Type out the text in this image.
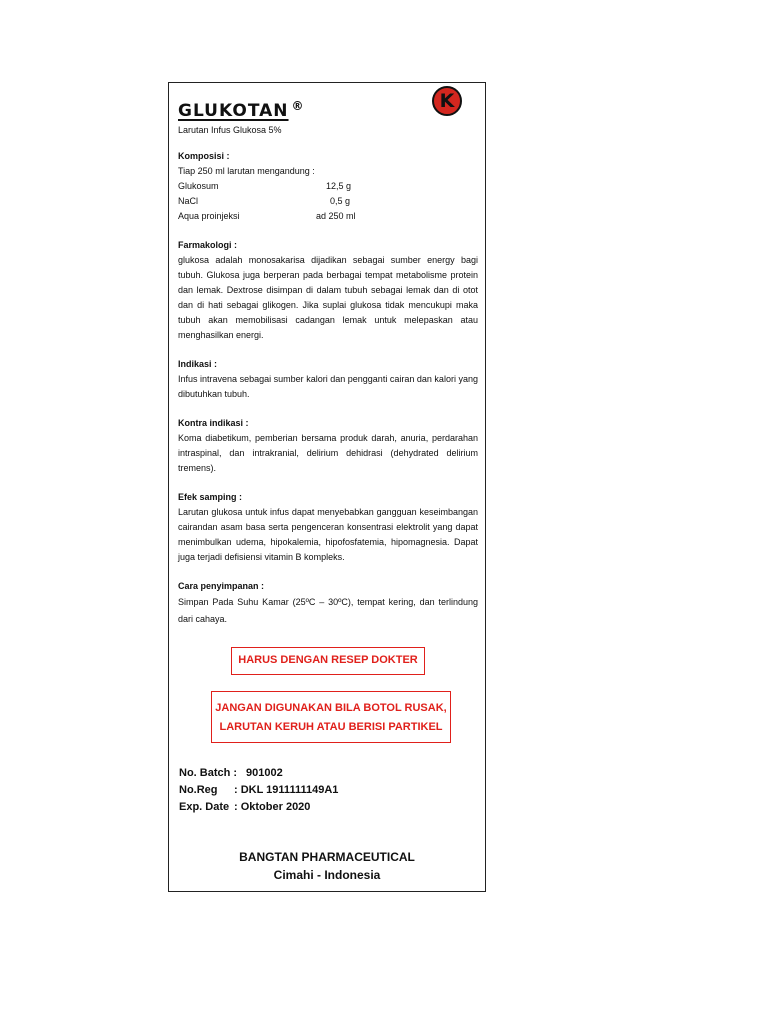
GLUKOTAN ®
Larutan Infus Glukosa 5%
Komposisi :
Tiap 250 ml larutan mengandung :
Glukosum	12,5 g
NaCl	0,5 g
Aqua proinjeksi	ad 250 ml
Farmakologi :
glukosa adalah monosakarisa dijadikan sebagai sumber energy bagi tubuh. Glukosa juga berperan pada berbagai tempat metabolisme protein dan lemak. Dextrose disimpan di dalam tubuh sebagai lemak dan di otot dan di hati sebagai glikogen. Jika suplai glukosa tidak mencukupi maka tubuh akan memobilisasi cadangan lemak untuk melepaskan atau menghasilkan energi.
Indikasi :
Infus intravena sebagai sumber kalori dan pengganti cairan dan kalori yang dibutuhkan tubuh.
Kontra indikasi :
Koma diabetikum, pemberian bersama produk darah, anuria, perdarahan intraspinal, dan intrakranial, delirium dehidrasi (dehydrated delirium tremens).
Efek samping :
Larutan glukosa untuk infus dapat menyebabkan gangguan keseimbangan cairandan asam basa serta pengenceran konsentrasi elektrolit yang dapat menimbulkan udema, hipokalemia, hipofosfatemia, hipomagnesia. Dapat juga terjadi defisiensi vitamin B kompleks.
Cara penyimpanan :
Simpan Pada Suhu Kamar (25ºC – 30ºC), tempat kering, dan terlindung dari cahaya.
K
HARUS DENGAN RESEP DOKTER
JANGAN DIGUNAKAN BILA BOTOL RUSAK,
LARUTAN KERUH ATAU BERISI PARTIKEL
No. Batch : 901002
No.Reg : DKL 1911111149A1
Exp. Date : Oktober 2020
BANGTAN PHARMACEUTICAL
Cimahi - Indonesia
